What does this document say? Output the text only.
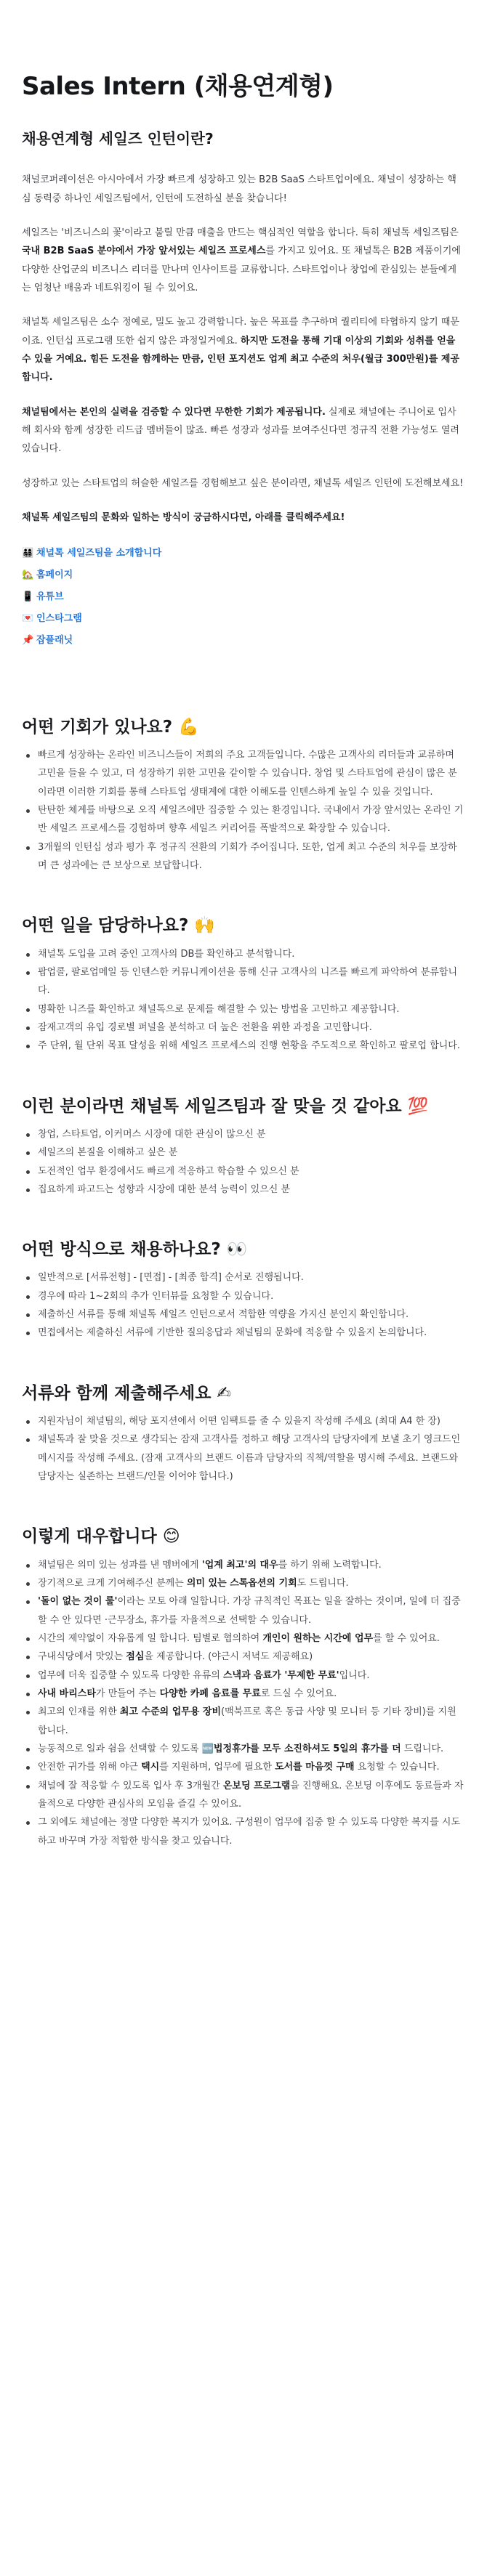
Sales Intern (채용연계형)
채용연계형 세일즈 인턴이란?

채널코퍼레이션은 아시아에서 가장 빠르게 성장하고 있는 B2B SaaS 스타트업이에요. 채널이 성장하는 핵심 동력중 하나인 세일즈팀에서, 인턴에 도전하실 분을 찾습니다!

세일즈는 '비즈니스의 꽃'이라고 불릴 만큼 매출을 만드는 핵심적인 역할을 합니다. 특히 채널톡 세일즈팀은 국내 B2B SaaS 분야에서 가장 앞서있는 세일즈 프로세스를 가지고 있어요. 또 채널톡은 B2B 제품이기에 다양한 산업군의 비즈니스 리더를 만나며 인사이트를 교류합니다. 스타트업이나 창업에 관심있는 분들에게는 엄청난 배움과 네트워킹이 될 수 있어요.

채널톡 세일즈팀은 소수 정예로, 밀도 높고 강력합니다. 높은 목표를 추구하며 퀄리티에 타협하지 않기 때문이죠. 인턴십 프로그램 또한 쉽지 않은 과정일거예요. 하지만 도전을 통해 기대 이상의 기회와 성취를 얻을 수 있을 거예요. 힘든 도전을 함께하는 만큼, 인턴 포지션도 업계 최고 수준의 처우(월급 300만원)를 제공합니다.

채널팀에서는 본인의 실력을 검증할 수 있다면 무한한 기회가 제공됩니다. 실제로 채널에는 주니어로 입사해 회사와 함께 성장한 리드급 멤버들이 많죠. 빠른 성장과 성과를 보여주신다면 정규직 전환 가능성도 열려 있습니다.

성장하고 있는 스타트업의 허슬한 세일즈를 경험해보고 싶은 분이라면, 채널톡 세일즈 인턴에 도전해보세요!

채널톡 세일즈팀의 문화와 일하는 방식이 궁금하시다면, 아래를 클릭해주세요!

👨‍👩‍👧‍👦 채널톡 세일즈팀을 소개합니다
🏡 홈페이지
📱 유튜브
💌 인스타그램
📌 잡플래닛
어떤 기회가 있나요? 💪
빠르게 성장하는 온라인 비즈니스들이 저희의 주요 고객들입니다. 수많은 고객사의 리더들과 교류하며 고민을 들을 수 있고, 더 성장하기 위한 고민을 같이할 수 있습니다. 창업 및 스타트업에 관심이 많은 분이라면 이러한 기회를 통해 스타트업 생태계에 대한 이해도를 인텐스하게 높일 수 있을 것입니다.
탄탄한 체계를 바탕으로 오직 세일즈에만 집중할 수 있는 환경입니다. 국내에서 가장 앞서있는 온라인 기반 세일즈 프로세스를 경험하며 향후 세일즈 커리어를 폭발적으로 확장할 수 있습니다.
3개월의 인턴십 성과 평가 후 정규직 전환의 기회가 주어집니다. 또한, 업계 최고 수준의 처우를 보장하며 큰 성과에는 큰 보상으로 보답합니다.
어떤 일을 담당하나요? 🙌
채널톡 도입을 고려 중인 고객사의 DB를 확인하고 분석합니다.
팝업콜, 팔로업메일 등 인텐스한 커뮤니케이션을 통해 신규 고객사의 니즈를 빠르게 파악하여 분류합니다.
명확한 니즈를 확인하고 채널톡으로 문제를 해결할 수 있는 방법을 고민하고 제공합니다.
잠재고객의 유입 경로별 퍼널을 분석하고 더 높은 전환을 위한 과정을 고민합니다.
주 단위, 월 단위 목표 달성을 위해 세일즈 프로세스의 진행 현황을 주도적으로 확인하고 팔로업 합니다.
이런 분이라면 채널톡 세일즈팀과 잘 맞을 것 같아요 💯
창업, 스타트업, 이커머스 시장에 대한 관심이 많으신 분
세일즈의 본질을 이해하고 싶은 분
도전적인 업무 환경에서도 빠르게 적응하고 학습할 수 있으신 분
집요하게 파고드는 성향과 시장에 대한 분석 능력이 있으신 분
어떤 방식으로 채용하나요? 👀
일반적으로 [서류전형] - [면접] - [최종 합격] 순서로 진행됩니다.
경우에 따라 1~2회의 추가 인터뷰를 요청할 수 있습니다.
제출하신 서류를 통해 채널톡 세일즈 인턴으로서 적합한 역량을 가지신 분인지 확인합니다.
면접에서는 제출하신 서류에 기반한 질의응답과 채널팀의 문화에 적응할 수 있을지 논의합니다.
서류와 함께 제출해주세요 ✍
지원자님이 채널팀의, 해당 포지션에서 어떤 임팩트를 줄 수 있을지 작성해 주세요 (최대 A4 한 장)
채널톡과 잘 맞을 것으로 생각되는 잠재 고객사를 정하고 해당 고객사의 담당자에게 보낼 초기 영크드인 메시지를 작성해 주세요. (잠재 고객사의 브랜드 이름과 담당자의 직책/역할을 명시해 주세요. 브랜드와 담당자는 실존하는 브랜드/인물 이어야 합니다.)
이렇게 대우합니다 😊
채널팀은 의미 있는 성과를 낸 멤버에게 '업계 최고'의 대우를 하기 위해 노력합니다.
장기적으로 크게 기여해주신 분께는 의미 있는 스톡옵션의 기회도 드립니다.
'돌이 없는 것이 룰'이라는 모토 아래 일합니다. 가장 규칙적인 목표는 일을 잘하는 것이며, 일에 더 집중할 수 안 있다면 ·근무장소, 휴가를 자율적으로 선택할 수 있습니다.
시간의 제약없이 자유롭게 일 합니다. 팀별로 협의하여 개인이 원하는 시간에 업무를 할 수 있어요.
구내식당에서 맛있는 점심을 제공합니다. (야근시 저녁도 제공해요)
업무에 더욱 집중할 수 있도록 다양한 유류의 스낵과 음료가 '무제한 무료'입니다.
사내 바리스타가 만들어 주는 다양한 카페 음료를 무료로 드실 수 있어요.
최고의 인재를 위한 최고 수준의 업무용 장비(맥북프로 혹은 동급 사양 및 모니터 등 기타 장비)를 지원합니다.
능동적으로 일과 쉼을 선택할 수 있도록 🆕법정휴가를 모두 소진하셔도 5일의 휴가를 더 드립니다.
안전한 귀가를 위해 야근 택시를 지원하며, 업무에 필요한 도서를 마음껏 구매 요청할 수 있습니다.
채널에 잘 적응할 수 있도록 입사 후 3개월간 온보딩 프로그램을 진행해요. 온보딩 이후에도 동료들과 자율적으로 다양한 관심사의 모임을 즐길 수 있어요.
그 외에도 채널에는 정말 다양한 복지가 있어요. 구성원이 업무에 집중 할 수 있도록 다양한 복지를 시도하고 바꾸며 가장 적합한 방식을 찾고 있습니다.
